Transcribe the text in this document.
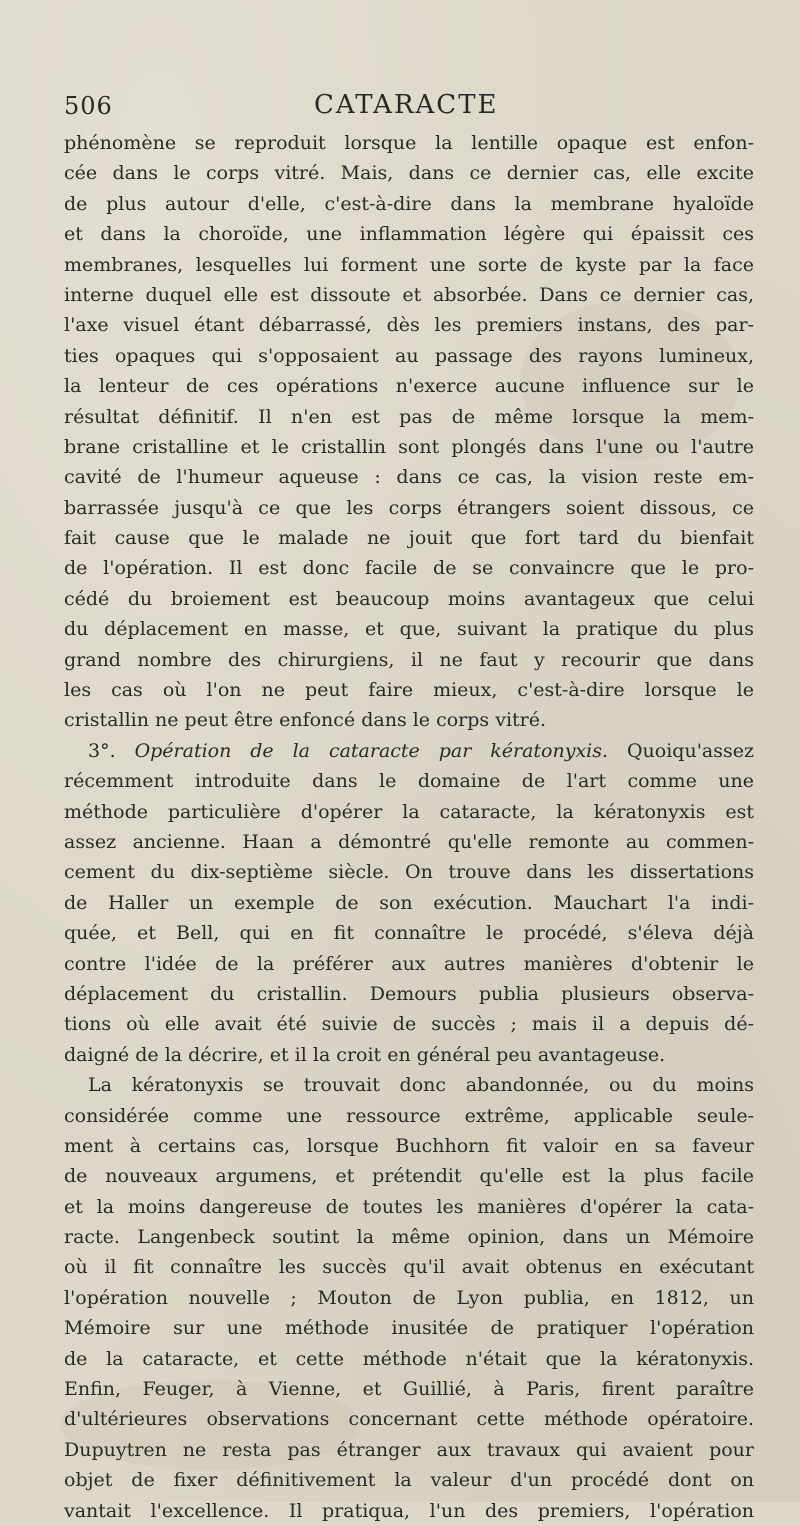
506	CATARACTE
phénomène se reproduit lorsque la lentille opaque est enfon-
cée dans le corps vitré. Mais, dans ce dernier cas, elle excite
de plus autour d'elle, c'est-à-dire dans la membrane hyaloïde
et dans la choroïde, une inflammation légère qui épaissit ces
membranes, lesquelles lui forment une sorte de kyste par la face
interne duquel elle est dissoute et absorbée. Dans ce dernier cas,
l'axe visuel étant débarrassé, dès les premiers instans, des par-
ties opaques qui s'opposaient au passage des rayons lumineux,
la lenteur de ces opérations n'exerce aucune influence sur le
résultat définitif. Il n'en est pas de même lorsque la mem-
brane cristalline et le cristallin sont plongés dans l'une ou l'autre
cavité de l'humeur aqueuse : dans ce cas, la vision reste em-
barrassée jusqu'à ce que les corps étrangers soient dissous, ce
fait cause que le malade ne jouit que fort tard du bienfait
de l'opération. Il est donc facile de se convaincre que le pro-
cédé du broiement est beaucoup moins avantageux que celui
du déplacement en masse, et que, suivant la pratique du plus
grand nombre des chirurgiens, il ne faut y recourir que dans
les cas où l'on ne peut faire mieux, c'est-à-dire lorsque le
cristallin ne peut être enfoncé dans le corps vitré.
3°. Opération de la cataracte par kératonyxis. Quoiqu'assez
récemment introduite dans le domaine de l'art comme une
méthode particulière d'opérer la cataracte, la kératonyxis est
assez ancienne. Haan a démontré qu'elle remonte au commen-
cement du dix-septième siècle. On trouve dans les dissertations
de Haller un exemple de son exécution. Mauchart l'a indi-
quée, et Bell, qui en fit connaître le procédé, s'éleva déjà
contre l'idée de la préférer aux autres manières d'obtenir le
déplacement du cristallin. Demours publia plusieurs observa-
tions où elle avait été suivie de succès ; mais il a depuis dé-
daigné de la décrire, et il la croit en général peu avantageuse.
La kératonyxis se trouvait donc abandonnée, ou du moins
considérée comme une ressource extrême, applicable seule-
ment à certains cas, lorsque Buchhorn fit valoir en sa faveur
de nouveaux argumens, et prétendit qu'elle est la plus facile
et la moins dangereuse de toutes les manières d'opérer la cata-
racte. Langenbeck soutint la même opinion, dans un Mémoire
où il fit connaître les succès qu'il avait obtenus en exécutant
l'opération nouvelle ; Mouton de Lyon publia, en 1812, un
Mémoire sur une méthode inusitée de pratiquer l'opération
de la cataracte, et cette méthode n'était que la kératonyxis.
Enfin, Feuger, à Vienne, et Guillié, à Paris, firent paraître
d'ultérieures observations concernant cette méthode opératoire.
Dupuytren ne resta pas étranger aux travaux qui avaient pour
objet de fixer définitivement la valeur d'un procédé dont on
vantait l'excellence. Il pratiqua, l'un des premiers, l'opération
